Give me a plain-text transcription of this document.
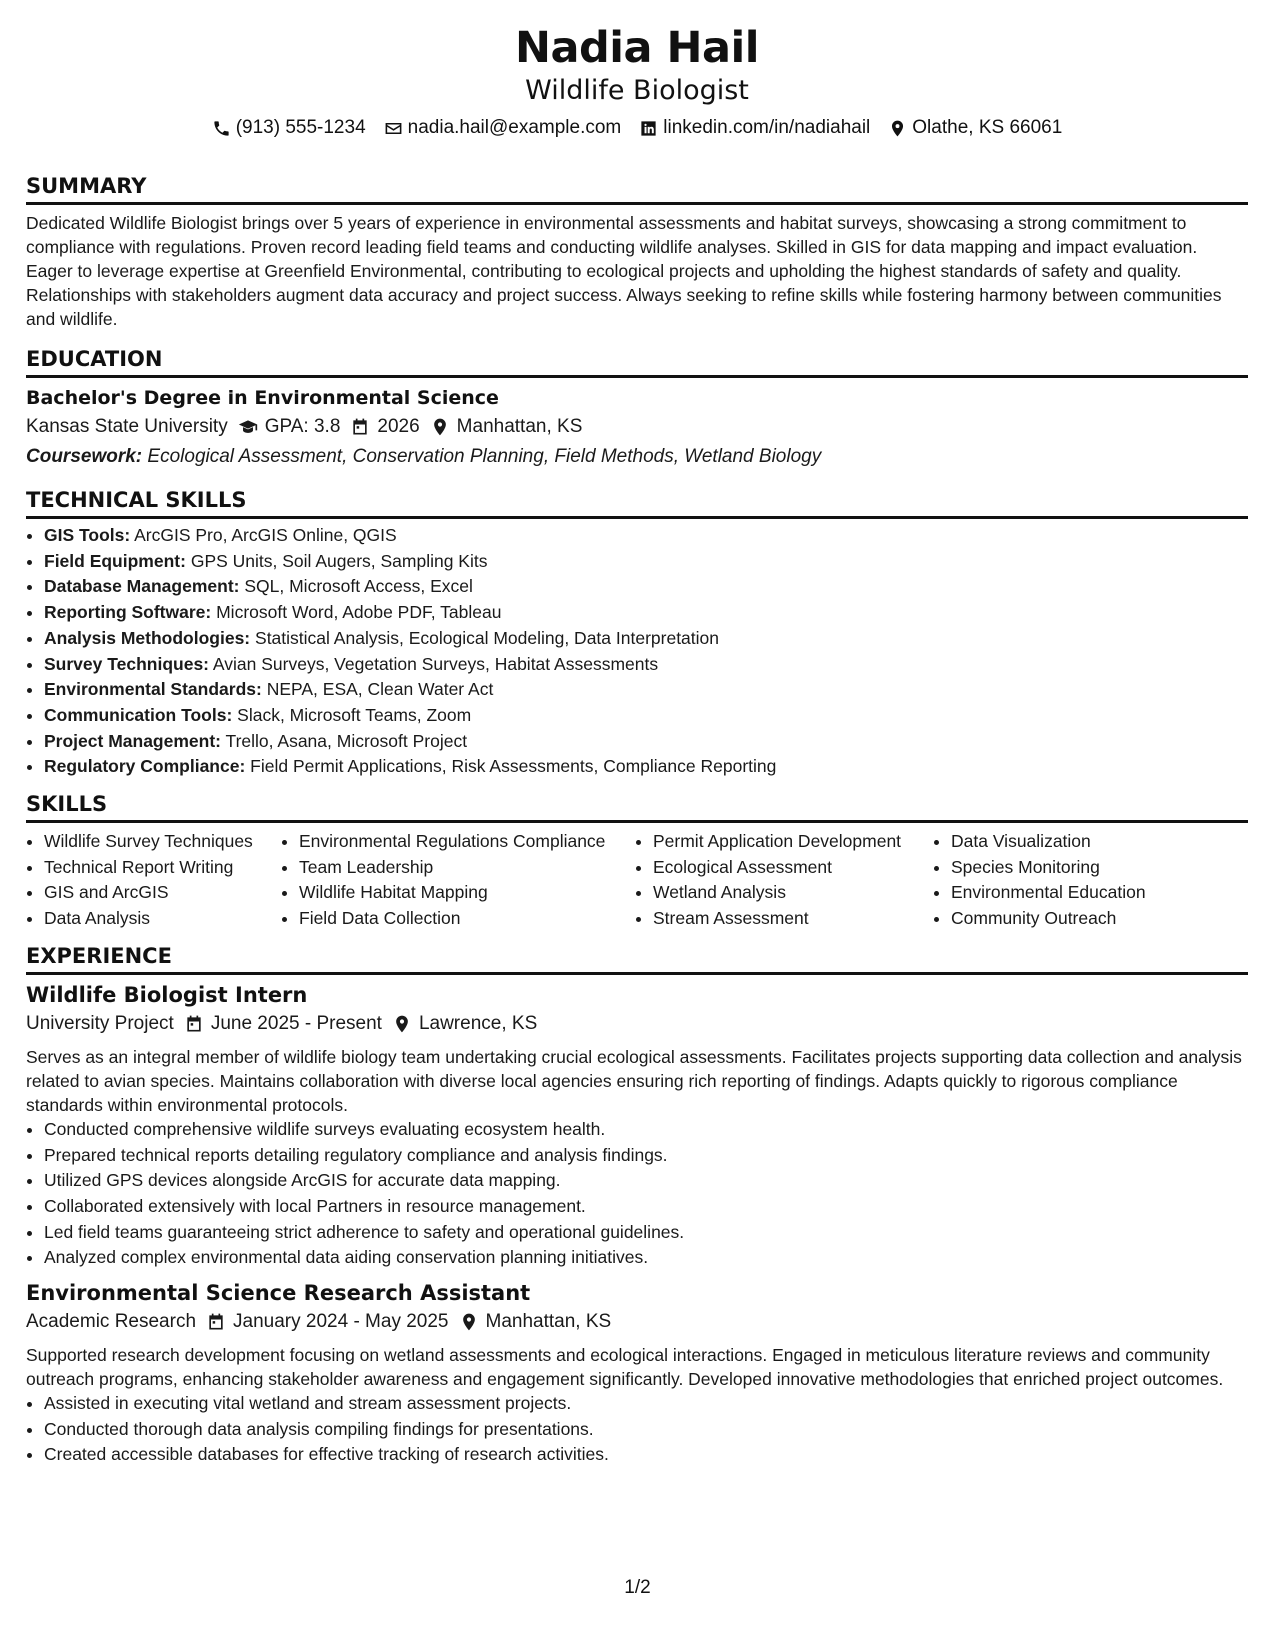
Nadia Hail
Wildlife Biologist
(913) 555-1234 nadia.hail@example.com linkedin.com/in/nadiahail Olathe, KS 66061
SUMMARY
Dedicated Wildlife Biologist brings over 5 years of experience in environmental assessments and habitat surveys, showcasing a strong commitment to compliance with regulations. Proven record leading field teams and conducting wildlife analyses. Skilled in GIS for data mapping and impact evaluation. Eager to leverage expertise at Greenfield Environmental, contributing to ecological projects and upholding the highest standards of safety and quality. Relationships with stakeholders augment data accuracy and project success. Always seeking to refine skills while fostering harmony between communities and wildlife.
EDUCATION
Bachelor's Degree in Environmental Science
Kansas State University GPA: 3.8 2026 Manhattan, KS
Coursework: Ecological Assessment, Conservation Planning, Field Methods, Wetland Biology
TECHNICAL SKILLS
• GIS Tools: ArcGIS Pro, ArcGIS Online, QGIS
• Field Equipment: GPS Units, Soil Augers, Sampling Kits
• Database Management: SQL, Microsoft Access, Excel
• Reporting Software: Microsoft Word, Adobe PDF, Tableau
• Analysis Methodologies: Statistical Analysis, Ecological Modeling, Data Interpretation
• Survey Techniques: Avian Surveys, Vegetation Surveys, Habitat Assessments
• Environmental Standards: NEPA, ESA, Clean Water Act
• Communication Tools: Slack, Microsoft Teams, Zoom
• Project Management: Trello, Asana, Microsoft Project
• Regulatory Compliance: Field Permit Applications, Risk Assessments, Compliance Reporting
SKILLS
• Wildlife Survey Techniques
• Technical Report Writing
• GIS and ArcGIS
• Data Analysis
• Environmental Regulations Compliance
• Team Leadership
• Wildlife Habitat Mapping
• Field Data Collection
• Permit Application Development
• Ecological Assessment
• Wetland Analysis
• Stream Assessment
• Data Visualization
• Species Monitoring
• Environmental Education
• Community Outreach
EXPERIENCE
Wildlife Biologist Intern
University Project June 2025 - Present Lawrence, KS
Serves as an integral member of wildlife biology team undertaking crucial ecological assessments. Facilitates projects supporting data collection and analysis related to avian species. Maintains collaboration with diverse local agencies ensuring rich reporting of findings. Adapts quickly to rigorous compliance standards within environmental protocols.
• Conducted comprehensive wildlife surveys evaluating ecosystem health.
• Prepared technical reports detailing regulatory compliance and analysis findings.
• Utilized GPS devices alongside ArcGIS for accurate data mapping.
• Collaborated extensively with local Partners in resource management.
• Led field teams guaranteeing strict adherence to safety and operational guidelines.
• Analyzed complex environmental data aiding conservation planning initiatives.
Environmental Science Research Assistant
Academic Research January 2024 - May 2025 Manhattan, KS
Supported research development focusing on wetland assessments and ecological interactions. Engaged in meticulous literature reviews and community outreach programs, enhancing stakeholder awareness and engagement significantly. Developed innovative methodologies that enriched project outcomes.
• Assisted in executing vital wetland and stream assessment projects.
• Conducted thorough data analysis compiling findings for presentations.
• Created accessible databases for effective tracking of research activities.
1/2
